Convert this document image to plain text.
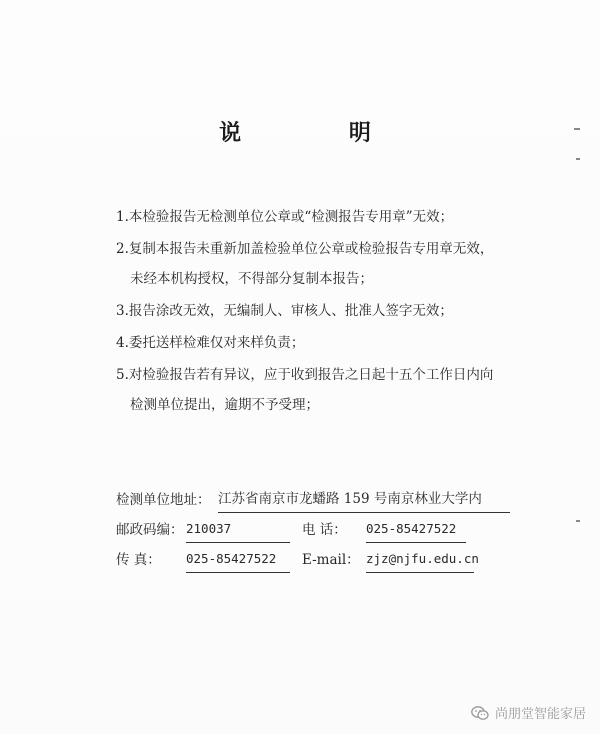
说 明
1.本检验报告无检测单位公章或“检测报告专用章”无效；
2.复制本报告未重新加盖检验单位公章或检验报告专用章无效，
未经本机构授权，不得部分复制本报告；
3.报告涂改无效，无编制人、审核人、批准人签字无效；
4.委托送样检难仅对来样负责；
5.对检验报告若有异议，应于收到报告之日起十五个工作日内向
检测单位提出，逾期不予受理；
检测单位地址： 江苏省南京市龙蟠路 159 号南京林业大学内
邮政码编： 210037	电 话： 025-85427522
传 真： 025-85427522	E-mail： zjz@njfu.edu.cn
尚朋堂智能家居
